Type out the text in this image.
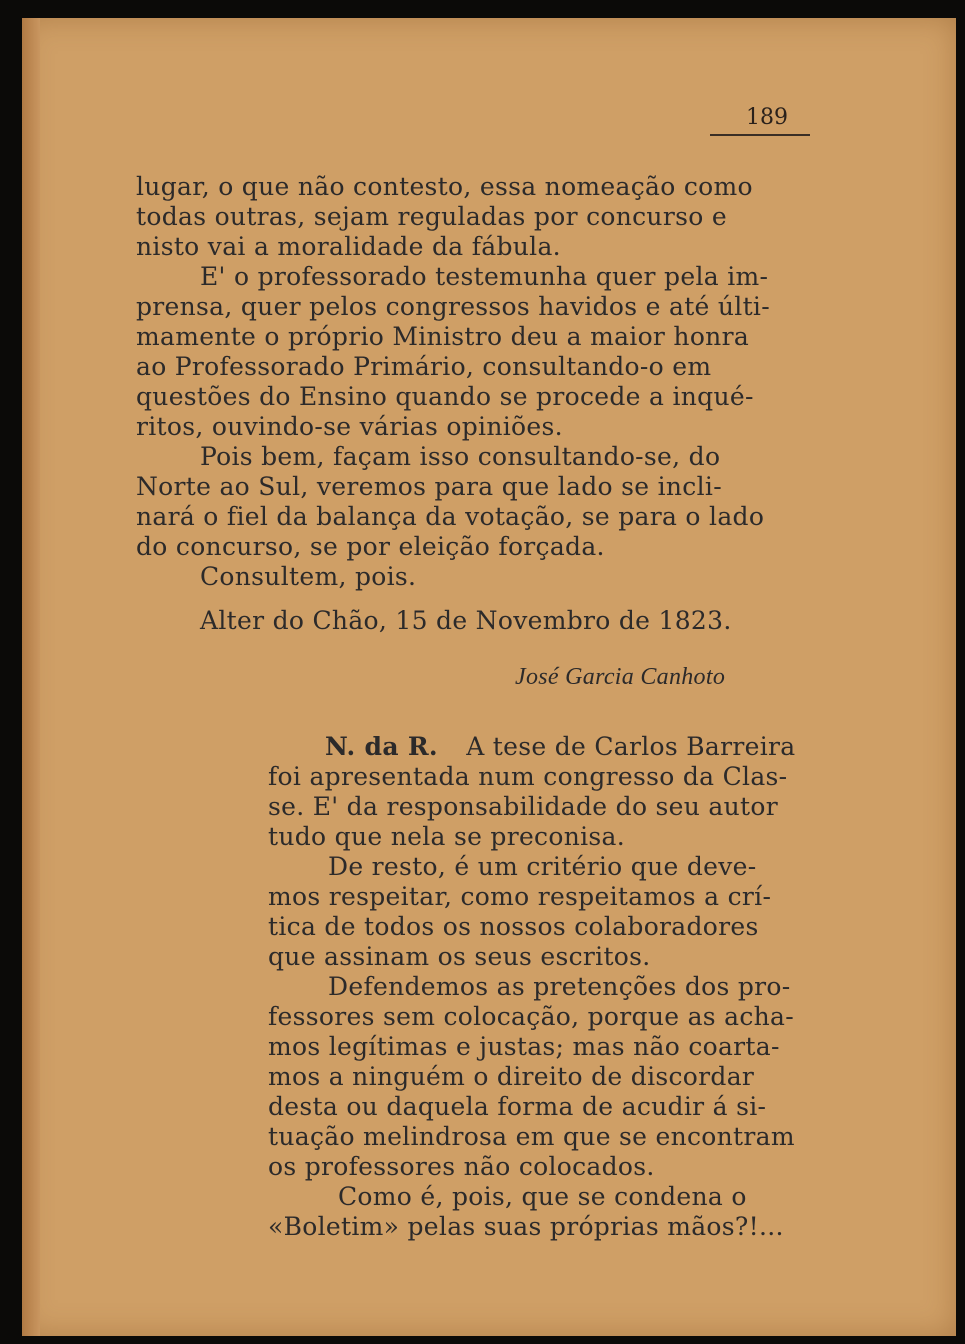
189

lugar, o que não contesto, essa nomeação como

todas outras, sejam reguladas por concurso e

nisto vai a moralidade da fábula.

E' o professorado testemunha quer pela im-

prensa, quer pelos congressos havidos e até últi-

mamente o próprio Ministro deu a maior honra

ao Professorado Primário, consultando-o em

questões do Ensino quando se procede a inqué-

ritos, ouvindo-se várias opiniões.

Pois bem, façam isso consultando-se, do

Norte ao Sul, veremos para que lado se incli-

nará o fiel da balança da votação, se para o lado

do concurso, se por eleição forçada.

Consultem, pois.

Alter do Chão, 15 de Novembro de 1823.

José Garcia Canhoto

N. da R. A tese de Carlos Barreira

foi apresentada num congresso da Clas-

se. E' da responsabilidade do seu autor

tudo que nela se preconisa.

De resto, é um critério que deve-

mos respeitar, como respeitamos a crí-

tica de todos os nossos colaboradores

que assinam os seus escritos.

Defendemos as pretenções dos pro-

fessores sem colocação, porque as acha-

mos legítimas e justas; mas não coarta-

mos a ninguém o direito de discordar

desta ou daquela forma de acudir á si-

tuação melindrosa em que se encontram

os professores não colocados.

Como é, pois, que se condena o

«Boletim» pelas suas próprias mãos?!...
